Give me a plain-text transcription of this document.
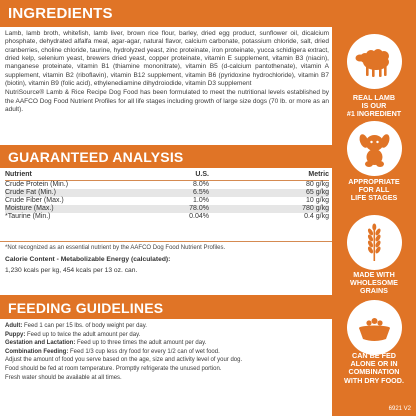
INGREDIENTS

Lamb, lamb broth, whitefish, lamb liver, brown rice flour, barley, dried egg product, sunflower oil, dicalcium phosphate, dehydrated alfalfa meal, agar-agar, natural flavor, calcium carbonate, potassium chloride, salt, dried cranberries, choline chloride, taurine, hydrolyzed yeast, zinc proteinate, iron proteinate, yucca schidigera extract, dried kelp, selenium yeast, brewers dried yeast, copper proteinate, vitamin E supplement, vitamin B3 (niacin), manganese proteinate, vitamin B1 (thiamine mononitrate), vitamin B5 (d-calcium pantothenate), vitamin A supplement, vitamin B2 (riboflavin), vitamin B12 supplement, vitamin B6 (pyridoxine hydrochloride), vitamin B7 (biotin), vitamin B9 (folic acid), ethylenediamine dihydroiodide, vitamin D3 supplement

NutriSource® Lamb & Rice Recipe Dog Food has been formulated to meet the nutritional levels established by the AAFCO Dog Food Nutrient Profiles for all life stages including growth of large size dogs (70 lb. or more as an adult).

GUARANTEED ANALYSIS
Nutrient	U.S.	Metric
Crude Protein (Min.)	8.0%	80 g/kg
Crude Fat (Min.)	6.5%	65 g/kg
Crude Fiber (Max.)	1.0%	10 g/kg
Moisture (Max.)	78.0%	780 g/kg
*Taurine (Min.)	0.04%	0.4 g/kg
*Not recognized as an essential nutrient by the AAFCO Dog Food Nutrient Profiles.
Calorie Content - Metabolizable Energy (calculated):
1,230 kcals per kg, 454 kcals per 13 oz. can.
FEEDING GUIDELINES
Adult: Feed 1 can per 15 lbs. of body weight per day.
Puppy: Feed up to twice the adult amount per day.
Gestation and Lactation: Feed up to three times the adult amount per day.
Combination Feeding: Feed 1/3 cup less dry food for every 1/2 can of wet food.
Adjust the amount of food you serve based on the age, size and activity level of your dog.
Food should be fed at room temperature. Promptly refrigerate the unused portion.
Fresh water should be available at all times.
REAL LAMB
IS OUR
#1 INGREDIENT
APPROPRIATE
FOR ALL
LIFE STAGES
MADE WITH
WHOLESOME
GRAINS
CAN BE FED
ALONE OR IN
COMBINATION
WITH DRY FOOD.
6921 V2
